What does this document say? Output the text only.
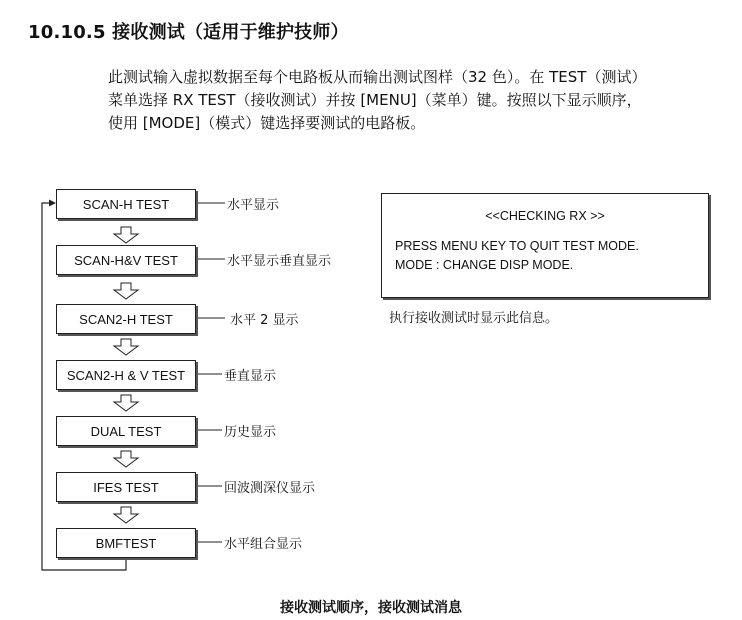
10.10.5 接收测试（适用于维护技师）

此测试输入虚拟数据至每个电路板从而输出测试图样（32 色）。在 TEST（测试）

菜单选择 RX TEST（接收测试）并按 [MENU]（菜单）键。按照以下显示顺序，

使用 [MODE]（模式）键选择要测试的电路板。

SCAN-H TEST
SCAN-H&V TEST
SCAN2-H TEST
SCAN2-H & V TEST
DUAL TEST
IFES TEST
BMFTEST
水平显示
水平显示垂直显示
水平 2 显示
垂直显示
历史显示
回波测深仪显示
水平组合显示
<<CHECKING RX >>
PRESS MENU KEY TO QUIT TEST MODE.
MODE : CHANGE DISP MODE.
执行接收测试时显示此信息。
接收测试顺序，接收测试消息
